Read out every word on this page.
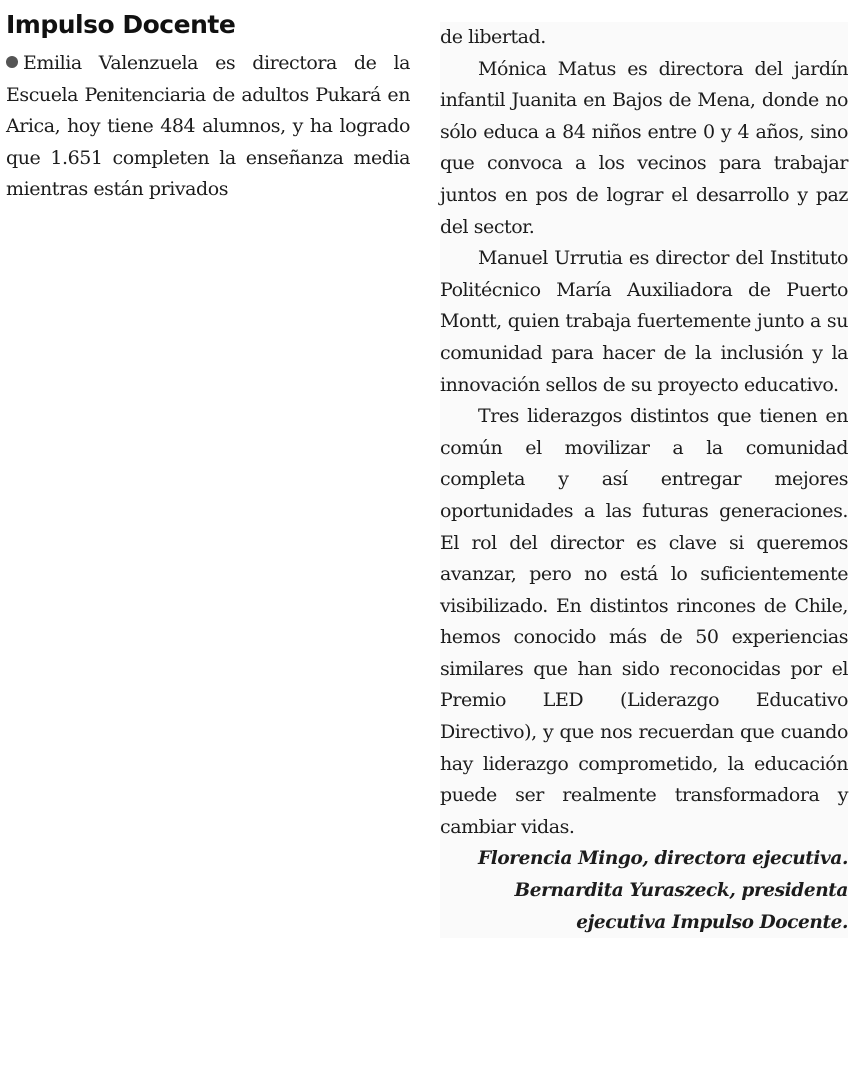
Impulso Docente

Emilia Valenzuela es directora de la Escuela Penitenciaria de adultos Pukará en Arica, hoy tiene 484 alumnos, y ha logrado que 1.651 completen la enseñanza media mientras están privados

de libertad.

Mónica Matus es directora del jardín infantil Juanita en Bajos de Mena, donde no sólo educa a 84 niños entre 0 y 4 años, sino que convoca a los vecinos para trabajar juntos en pos de lograr el desarrollo y paz del sector.

Manuel Urrutia es director del Instituto Politécnico María Auxiliadora de Puerto Montt, quien trabaja fuertemente junto a su comunidad para hacer de la inclusión y la innovación sellos de su proyecto educativo.

Tres liderazgos distintos que tienen en común el movilizar a la comunidad completa y así entregar mejores oportunidades a las futuras generaciones. El rol del director es clave si queremos avanzar, pero no está lo suficientemente visibilizado. En distintos rincones de Chile, hemos conocido más de 50 experiencias similares que han sido reconocidas por el Premio LED (Liderazgo Educativo Directivo), y que nos recuerdan que cuando hay liderazgo comprometido, la educación puede ser realmente transformadora y cambiar vidas.

Florencia Mingo, directora ejecutiva.
Bernardita Yuraszeck, presidenta
ejecutiva Impulso Docente.
